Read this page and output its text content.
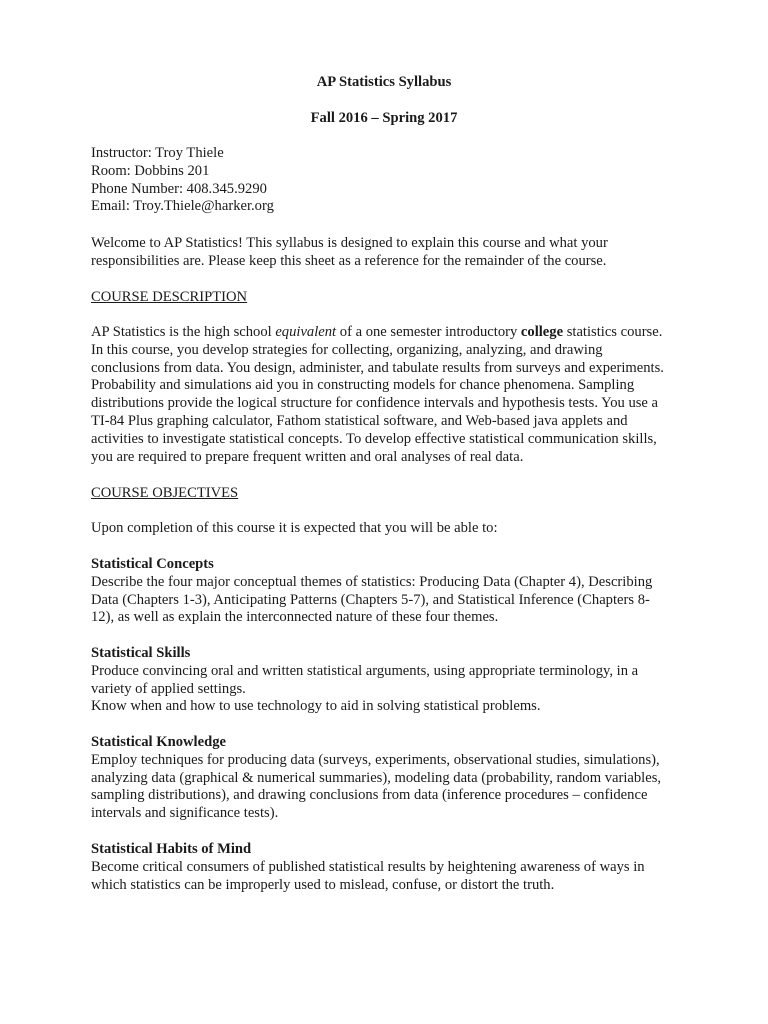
AP Statistics Syllabus
Fall 2016 – Spring 2017

Instructor: Troy Thiele

Room: Dobbins 201

Phone Number: 408.345.9290

Email: Troy.Thiele@harker.org

Welcome to AP Statistics! This syllabus is designed to explain this course and what your

responsibilities are. Please keep this sheet as a reference for the remainder of the course.

COURSE DESCRIPTION

AP Statistics is the high school equivalent of a one semester introductory college statistics course.

In this course, you develop strategies for collecting, organizing, analyzing, and drawing

conclusions from data. You design, administer, and tabulate results from surveys and experiments.

Probability and simulations aid you in constructing models for chance phenomena. Sampling

distributions provide the logical structure for confidence intervals and hypothesis tests. You use a

TI-84 Plus graphing calculator, Fathom statistical software, and Web-based java applets and

activities to investigate statistical concepts. To develop effective statistical communication skills,

you are required to prepare frequent written and oral analyses of real data.

COURSE OBJECTIVES

Upon completion of this course it is expected that you will be able to:

Statistical Concepts

Describe the four major conceptual themes of statistics: Producing Data (Chapter 4), Describing

Data (Chapters 1-3), Anticipating Patterns (Chapters 5-7), and Statistical Inference (Chapters 8-

12), as well as explain the interconnected nature of these four themes.

Statistical Skills

Produce convincing oral and written statistical arguments, using appropriate terminology, in a

variety of applied settings.

Know when and how to use technology to aid in solving statistical problems.

Statistical Knowledge

Employ techniques for producing data (surveys, experiments, observational studies, simulations),

analyzing data (graphical & numerical summaries), modeling data (probability, random variables,

sampling distributions), and drawing conclusions from data (inference procedures – confidence

intervals and significance tests).

Statistical Habits of Mind

Become critical consumers of published statistical results by heightening awareness of ways in

which statistics can be improperly used to mislead, confuse, or distort the truth.
